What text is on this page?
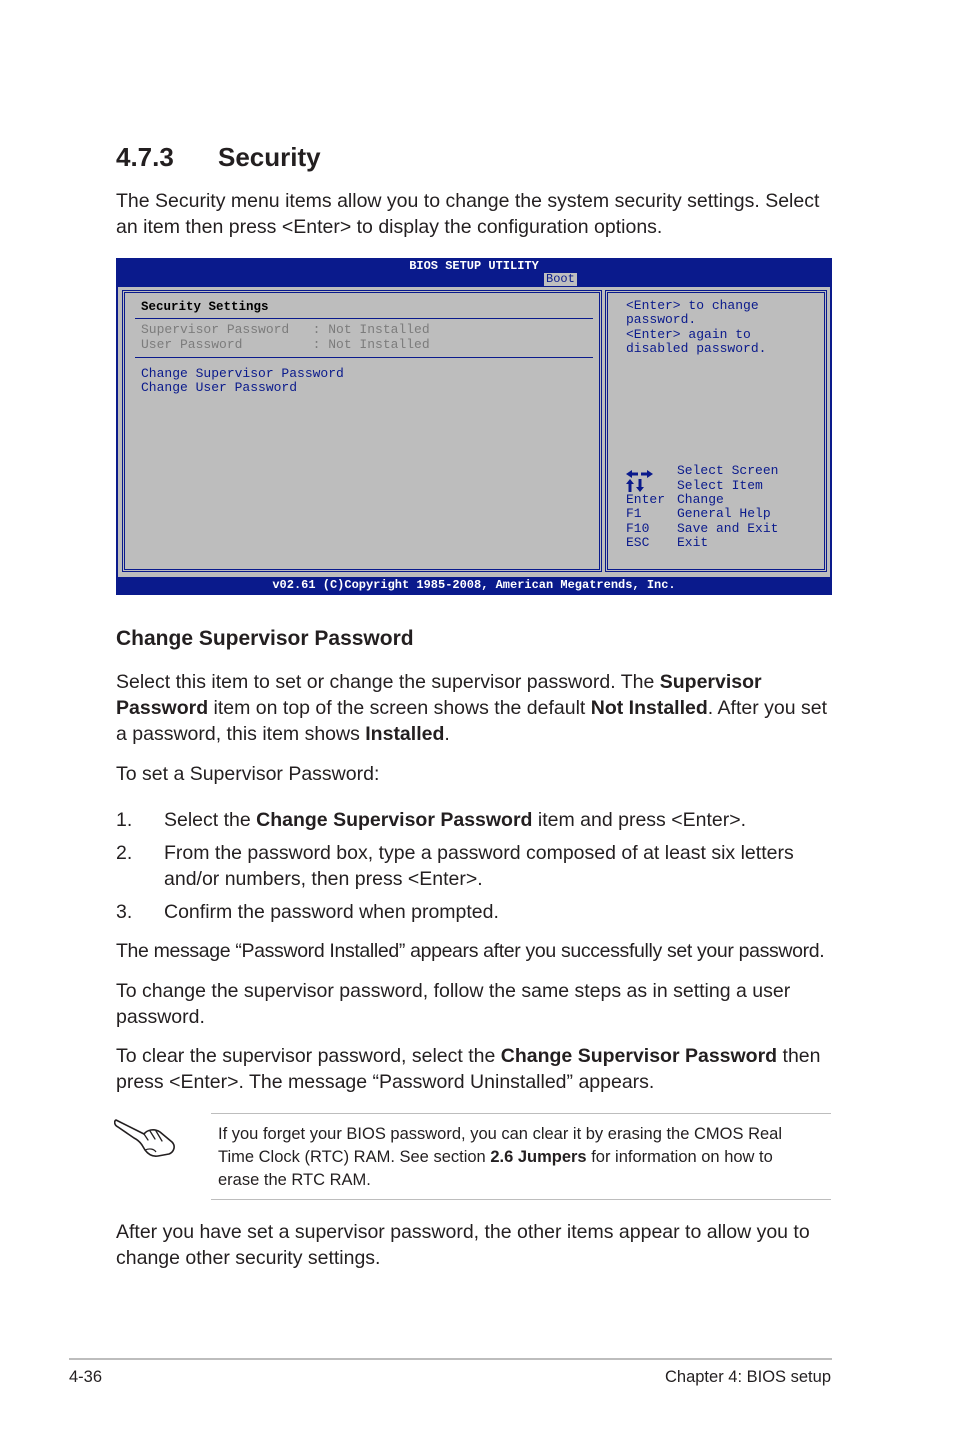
4.7.3	Security

The Security menu items allow you to change the system security settings. Select an item then press <Enter> to display the configuration options.

BIOS SETUP UTILITY
Boot
Security Settings
Supervisor Password   : Not Installed
User Password         : Not Installed
Change Supervisor Password
Change User Password
<Enter> to change
password.
<Enter> again to
disabled password.
Select Screen
Select Item
Enter Change
F1	General Help
F10 Save and Exit
ESC Exit
v02.61 (C)Copyright 1985-2008, American Megatrends, Inc.
Change Supervisor Password

Select this item to set or change the supervisor password. The Supervisor Password item on top of the screen shows the default Not Installed. After you set a password, this item shows Installed.

To set a Supervisor Password:

1. Select the Change Supervisor Password item and press <Enter>.

2. From the password box, type a password composed of at least six letters and/or numbers, then press <Enter>.

3. Confirm the password when prompted.

The message “Password Installed” appears after you successfully set your password.

To change the supervisor password, follow the same steps as in setting a user password.

To clear the supervisor password, select the Change Supervisor Password then press <Enter>. The message “Password Uninstalled” appears.

If you forget your BIOS password, you can clear it by erasing the CMOS Real Time Clock (RTC) RAM. See section 2.6 Jumpers for information on how to erase the RTC RAM.

After you have set a supervisor password, the other items appear to allow you to change other security settings.

4-36	Chapter 4: BIOS setup
